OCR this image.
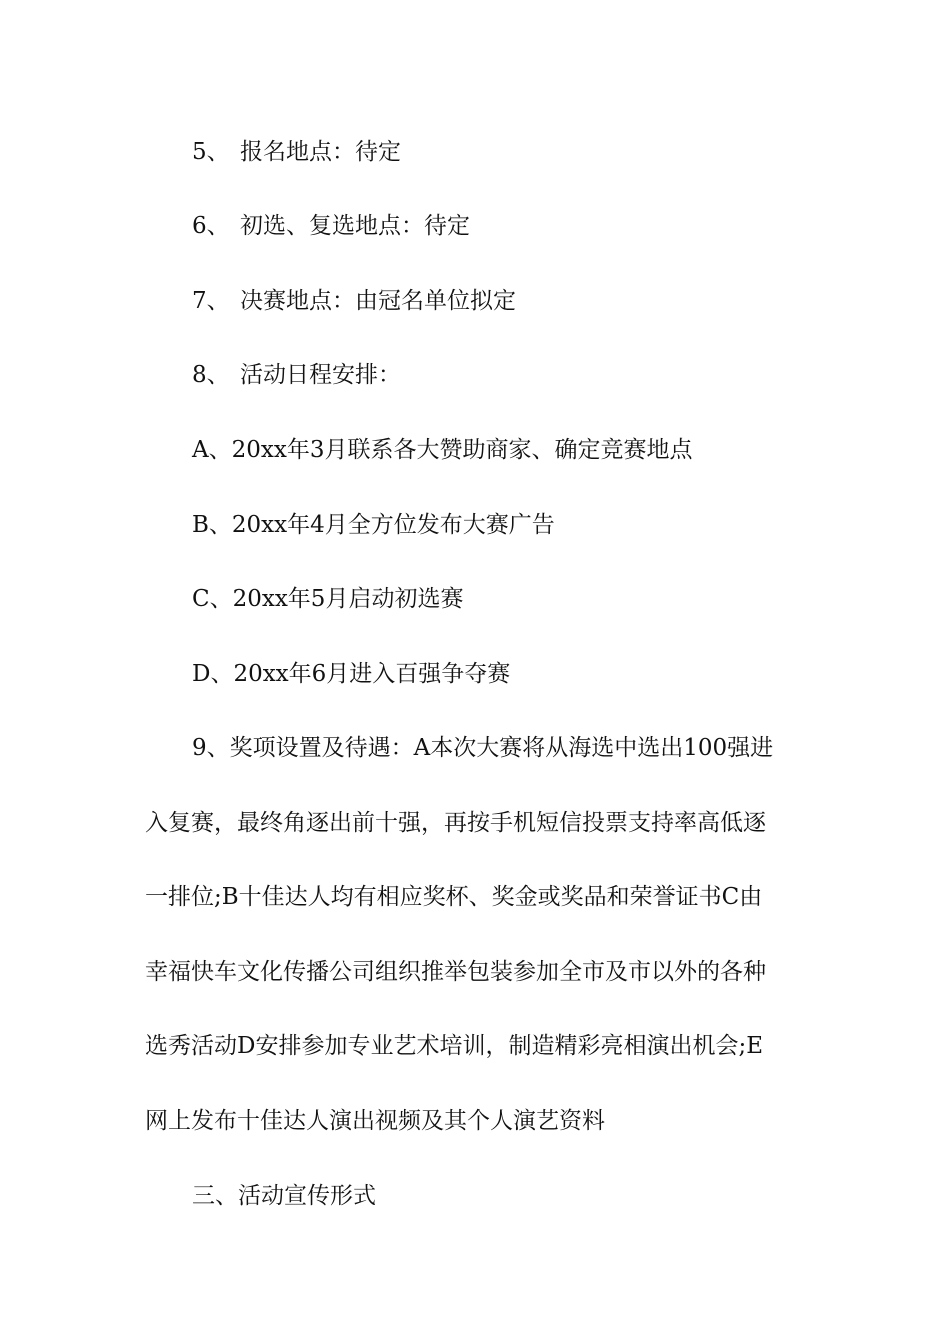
5、 报名地点：待定
6、 初选、复选地点：待定
7、 决赛地点：由冠名单位拟定
8、 活动日程安排：
A、20xx年3月联系各大赞助商家、确定竞赛地点
B、20xx年4月全方位发布大赛广告
C、20xx年5月启动初选赛
D、20xx年6月进入百强争夺赛
9、奖项设置及待遇：A本次大赛将从海选中选出100强进
入复赛，最终角逐出前十强，再按手机短信投票支持率高低逐
一排位;B十佳达人均有相应奖杯、奖金或奖品和荣誉证书C由
幸福快车文化传播公司组织推举包装参加全市及市以外的各种
选秀活动D安排参加专业艺术培训，制造精彩亮相演出机会;E
网上发布十佳达人演出视频及其个人演艺资料
三、活动宣传形式
